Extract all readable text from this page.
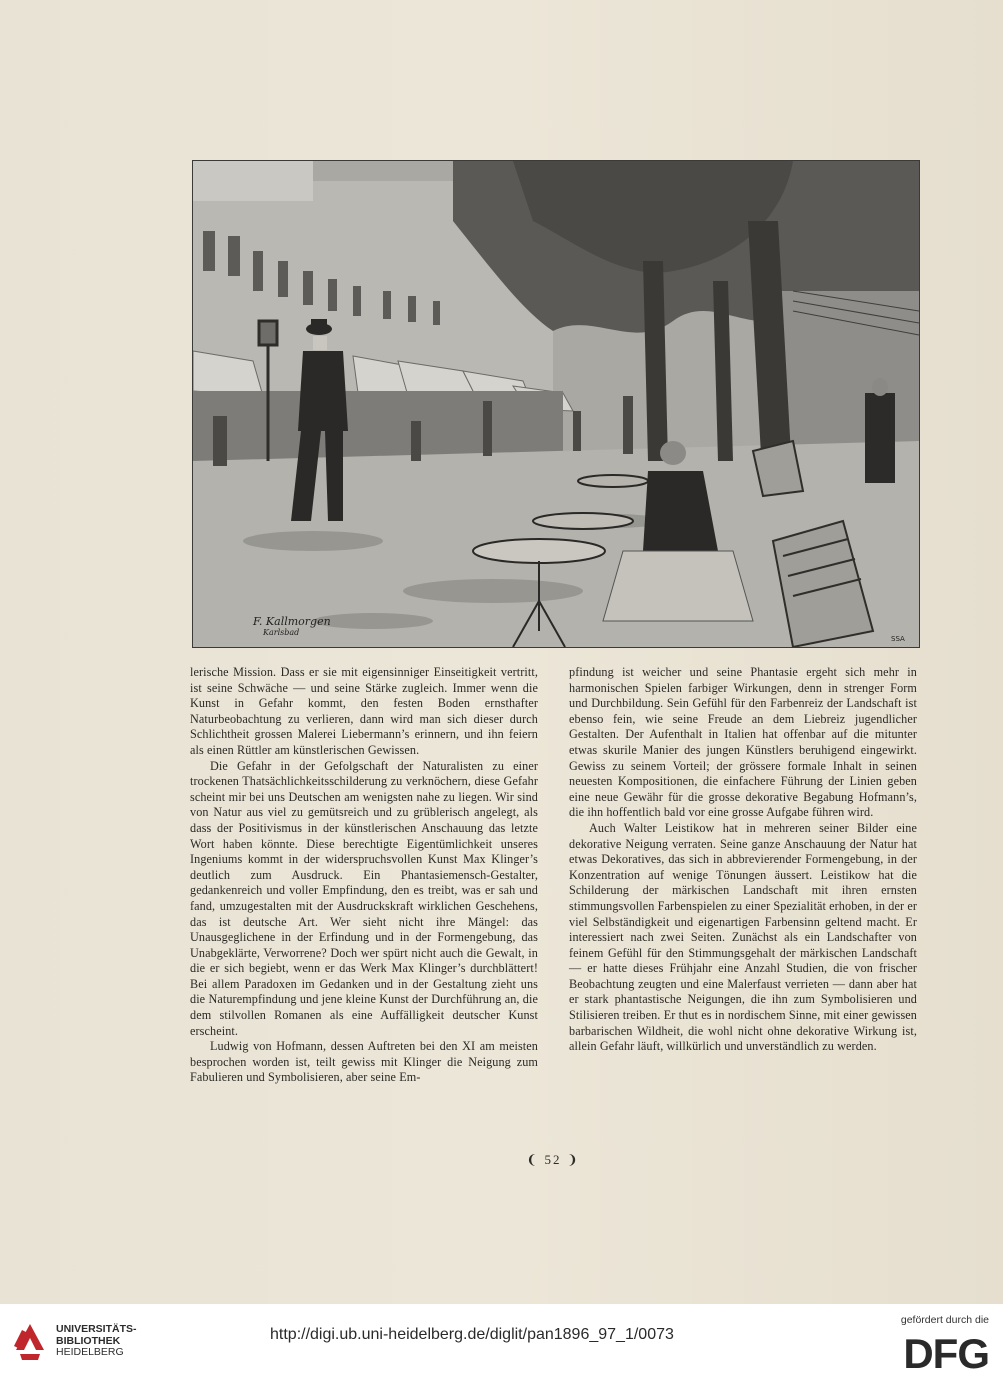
SSA
F. Kallmorgen
Karlsbad

lerische Mission. Dass er sie mit eigensinniger Einseitigkeit vertritt, ist seine Schwäche — und seine Stärke zugleich. Immer wenn die Kunst in Gefahr kommt, den festen Boden ernsthafter Naturbeobachtung zu verlieren, dann wird man sich dieser durch Schlichtheit grossen Malerei Liebermann’s erinnern, und ihn feiern als einen Rüttler am künstlerischen Gewissen.

Die Gefahr in der Gefolgschaft der Naturalisten zu einer trockenen Thatsächlichkeitsschilderung zu verknöchern, diese Gefahr scheint mir bei uns Deutschen am wenigsten nahe zu liegen. Wir sind von Natur aus viel zu gemütsreich und zu grüblerisch angelegt, als dass der Positivismus in der künstlerischen Anschauung das letzte Wort haben könnte. Diese berechtigte Eigentümlichkeit unseres Ingeniums kommt in der widerspruchsvollen Kunst Max Klinger’s deutlich zum Ausdruck. Ein Phantasiemensch-Gestalter, gedankenreich und voller Empfindung, den es treibt, was er sah und fand, umzugestalten mit der Ausdruckskraft wirklichen Geschehens, das ist deutsche Art. Wer sieht nicht ihre Mängel: das Unausgeglichene in der Erfindung und in der Formengebung, das Unabgeklärte, Verworrene? Doch wer spürt nicht auch die Gewalt, in die er sich begiebt, wenn er das Werk Max Klinger’s durchblättert! Bei allem Paradoxen im Gedanken und in der Gestaltung zieht uns die Naturempfindung und jene kleine Kunst der Durchführung an, die dem stilvollen Romanen als eine Auffälligkeit deutscher Kunst erscheint.

Ludwig von Hofmann, dessen Auftreten bei den XI am meisten besprochen worden ist, teilt gewiss mit Klinger die Neigung zum Fabulieren und Symbolisieren, aber seine Em-

pfindung ist weicher und seine Phantasie ergeht sich mehr in harmonischen Spielen farbiger Wirkungen, denn in strenger Form und Durchbildung. Sein Gefühl für den Farbenreiz der Landschaft ist ebenso fein, wie seine Freude an dem Liebreiz jugendlicher Gestalten. Der Aufenthalt in Italien hat offenbar auf die mitunter etwas skurile Manier des jungen Künstlers beruhigend eingewirkt. Gewiss zu seinem Vorteil; der grössere formale Inhalt in seinen neuesten Kompositionen, die einfachere Führung der Linien geben eine neue Gewähr für die grosse dekorative Begabung Hofmann’s, die ihn hoffentlich bald vor eine grosse Aufgabe führen wird.

Auch Walter Leistikow hat in mehreren seiner Bilder eine dekorative Neigung verraten. Seine ganze Anschauung der Natur hat etwas Dekoratives, das sich in abbrevierender Formengebung, in der Konzentration auf wenige Tönungen äussert. Leistikow hat die Schilderung der märkischen Landschaft mit ihren ernsten stimmungsvollen Farbenspielen zu einer Spezialität erhoben, in der er viel Selbständigkeit und eigenartigen Farbensinn geltend macht. Er interessiert nach zwei Seiten. Zunächst als ein Landschafter von feinem Gefühl für den Stimmungsgehalt der märkischen Landschaft — er hatte dieses Frühjahr eine Anzahl Studien, die von frischer Beobachtung zeugten und eine Malerfaust verrieten — dann aber hat er stark phantastische Neigungen, die ihn zum Symbolisieren und Stilisieren treiben. Er thut es in nordischem Sinne, mit einer gewissen barbarischen Wildheit, die wohl nicht ohne dekorative Wirkung ist, allein Gefahr läuft, willkürlich und unverständlich zu werden.

❨ 52 ❩
UNIVERSITÄTS-
BIBLIOTHEK
HEIDELBERG
http://digi.ub.uni-heidelberg.de/diglit/pan1896_97_1/0073
gefördert durch die
DFG
